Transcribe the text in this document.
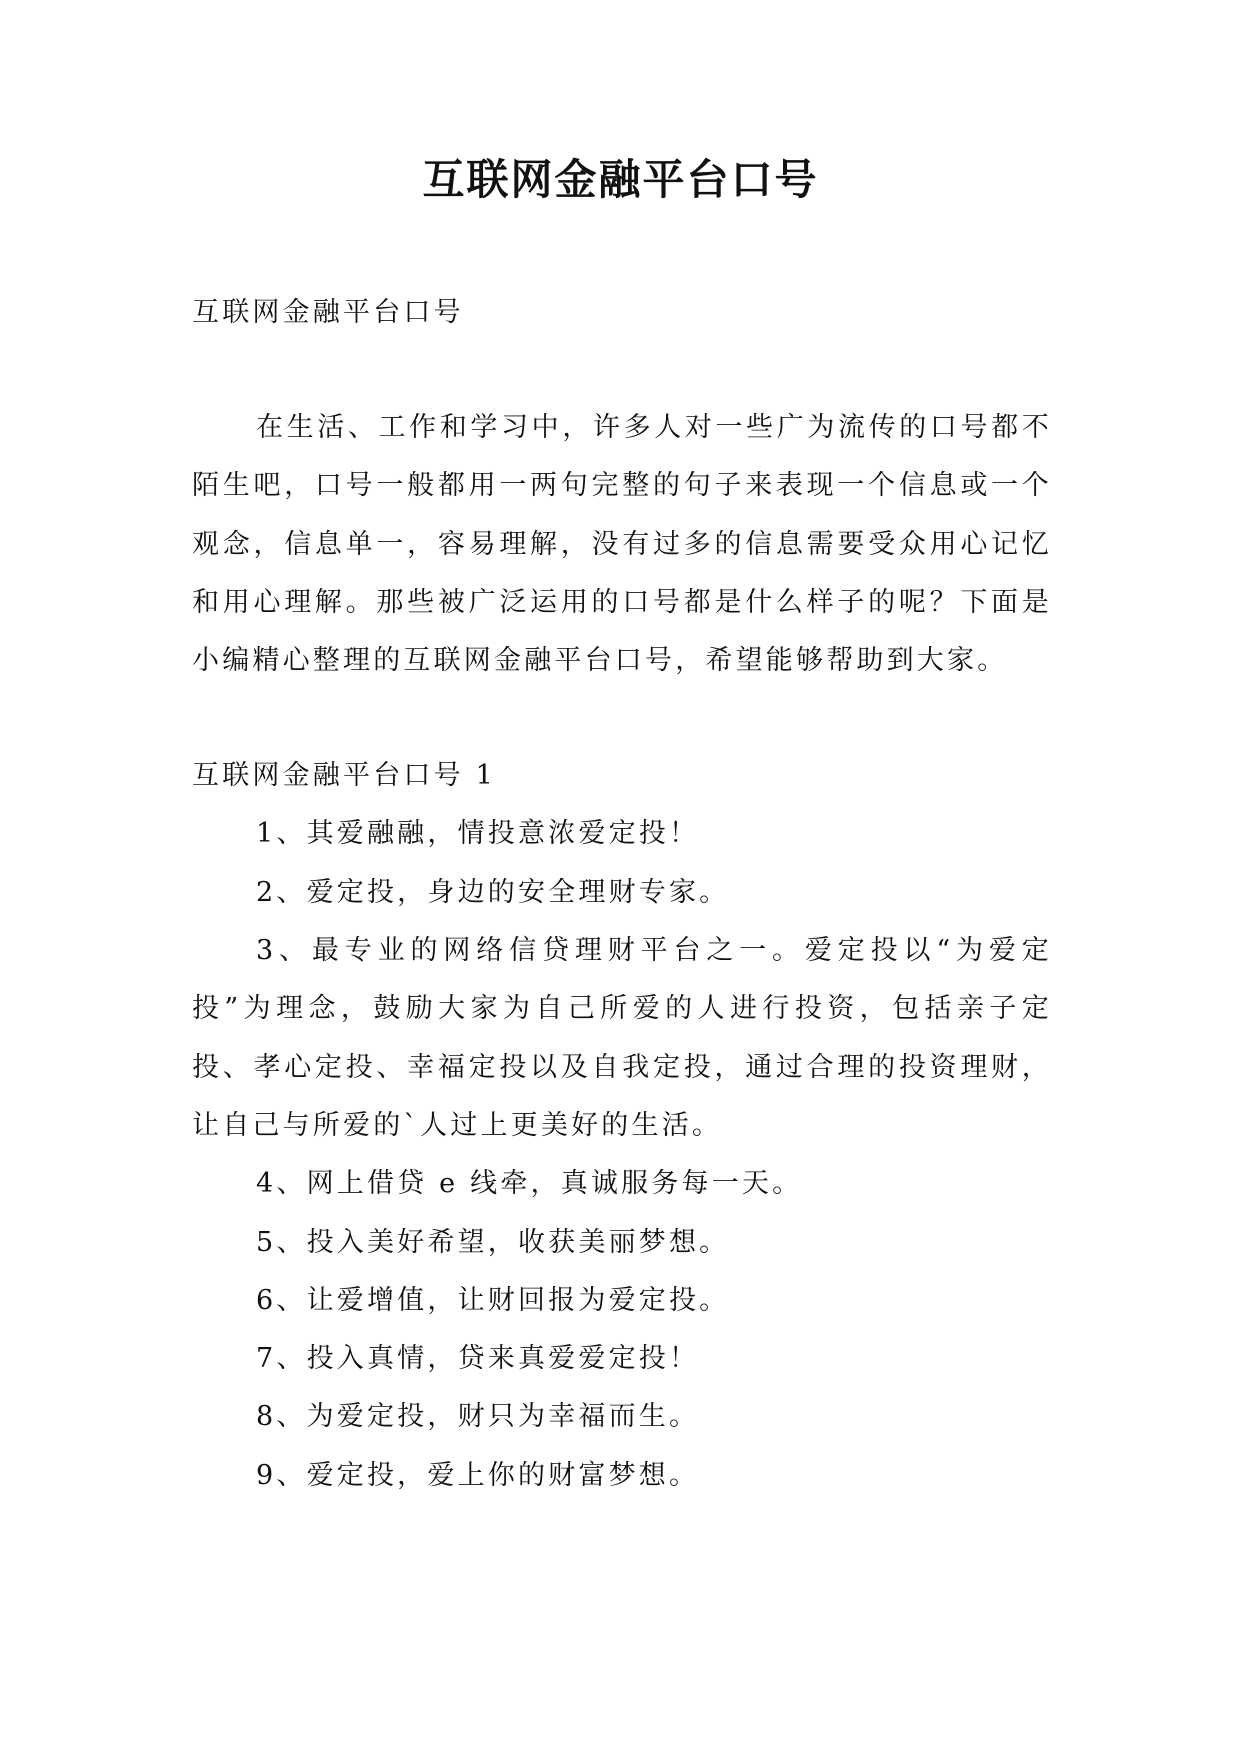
互联网金融平台口号

互联网金融平台口号

在生活、工作和学习中，许多人对一些广为流传的口号都不陌生吧，口号一般都用一两句完整的句子来表现一个信息或一个观念，信息单一，容易理解，没有过多的信息需要受众用心记忆和用心理解。那些被广泛运用的口号都是什么样子的呢？下面是小编精心整理的互联网金融平台口号，希望能够帮助到大家。

互联网金融平台口号 1

1、其爱融融，情投意浓爱定投！
2、爱定投，身边的安全理财专家。
3、最专业的网络信贷理财平台之一。爱定投以“为爱定投”为理念，鼓励大家为自己所爱的人进行投资，包括亲子定投、孝心定投、幸福定投以及自我定投，通过合理的投资理财，让自己与所爱的`人过上更美好的生活。
4、网上借贷 e 线牵，真诚服务每一天。
5、投入美好希望，收获美丽梦想。
6、让爱增值，让财回报为爱定投。
7、投入真情，贷来真爱爱定投！
8、为爱定投，财只为幸福而生。
9、爱定投，爱上你的财富梦想。
